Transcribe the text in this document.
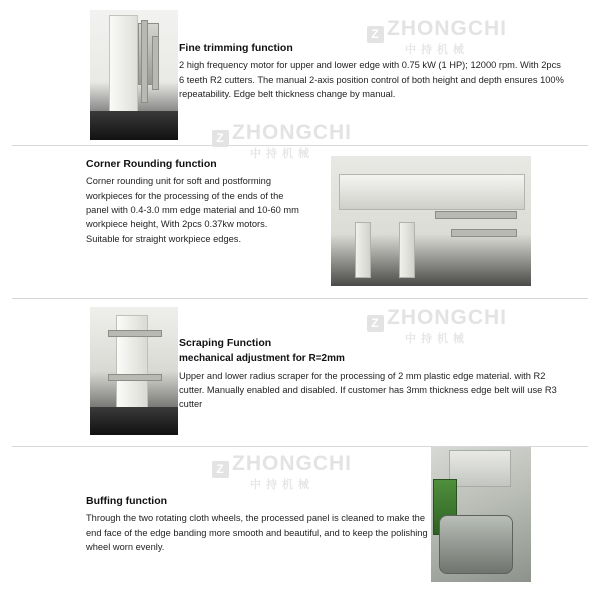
Z ZHONGCHI
中持机械
Z ZHONGCHI
中持机械

Fine trimming function

2 high frequency motor for upper and lower edge with 0.75 kW (1 HP); 12000 rpm. With 2pcs 6 teeth R2 cutters. The manual 2-axis position control of both height and depth ensures 100% repeatability. Edge belt thickness change by manual.

Corner Rounding function

Corner rounding unit for soft and postforming workpieces for the processing of the ends of the panel with 0.4-3.0 mm edge material and 10-60 mm workpiece height, With 2pcs 0.37kw motors. Suitable for straight workpiece edges.

Z ZHONGCHI
中持机械

Scraping Function

mechanical adjustment for R=2mm

Upper and lower radius scraper for the processing of 2 mm plastic edge material. with R2 cutter. Manually enabled and disabled. If customer has 3mm thickness edge belt will use R3 cutter

Z ZHONGCHI
中持机械

Buffing function

Through the two rotating cloth wheels, the processed panel is cleaned to make the end face of the edge banding more smooth and beautiful, and to keep the polishing wheel worn evenly.
